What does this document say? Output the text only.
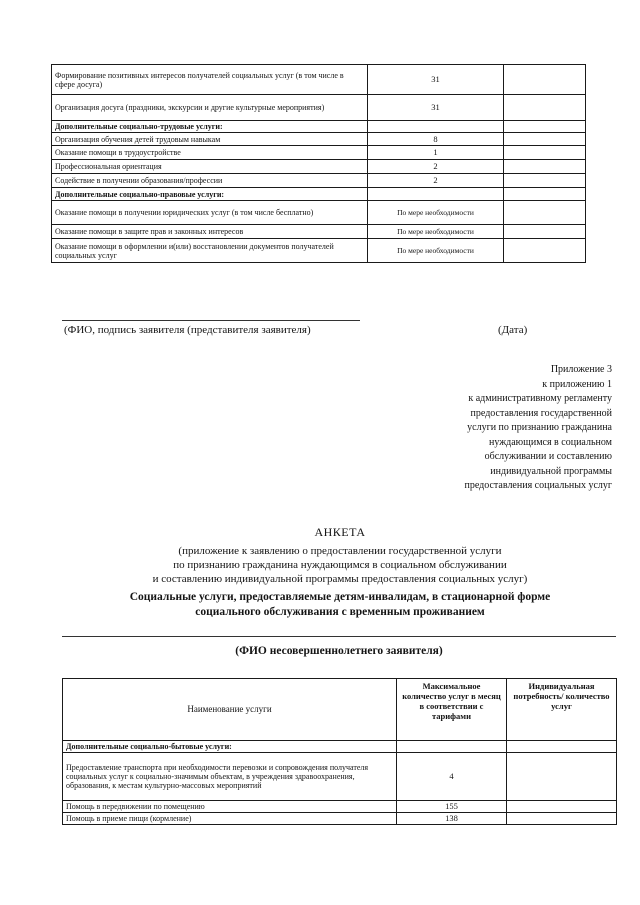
Формирование позитивных интересов получателей социальных услуг (в том числе в сфере досуга)	31	
Организация досуга (праздники, экскурсии и другие культурные мероприятия)	31	
Дополнительные социально-трудовые услуги:		
Организация обучения детей трудовым навыкам	8	
Оказание помощи в трудоустройстве	1	
Профессиональная ориентация	2	
Содействие в получении образования/профессии	2	
Дополнительные социально-правовые услуги:		
Оказание помощи в получении юридических услуг (в том числе бесплатно)	По мере необходимости	
Оказание помощи в защите прав и законных интересов	По мере необходимости	
Оказание помощи в оформлении и(или) восстановлении документов получателей социальных услуг	По мере необходимости	
(ФИО, подпись заявителя (представителя заявителя)	(Дата)
Приложение 3
к приложению 1
к административному регламенту
предоставления государственной
услуги по признанию гражданина
нуждающимся в социальном
обслуживании и составлению
индивидуальной программы
предоставления социальных услуг
АНКЕТА
(приложение к заявлению о предоставлении государственной услуги
по признанию гражданина нуждающимся в социальном обслуживании
и составлению индивидуальной программы предоставления социальных услуг)
Социальные услуги, предоставляемые детям-инвалидам, в стационарной форме
социального обслуживания с временным проживанием
(ФИО несовершеннолетнего заявителя)
Наименование услуги	Максимальное количество услуг в месяц в соответствии с тарифами	Индивидуальная потребность/ количество услуг
Дополнительные социально-бытовые услуги:		
Предоставление транспорта при необходимости перевозки и сопровождения получателя социальных услуг к социально-значимым объектам, в учреждения здравоохранения, образования, к местам культурно-массовых мероприятий	4	
Помощь в передвижении по помещению	155	
Помощь в приеме пищи (кормление)	138	
